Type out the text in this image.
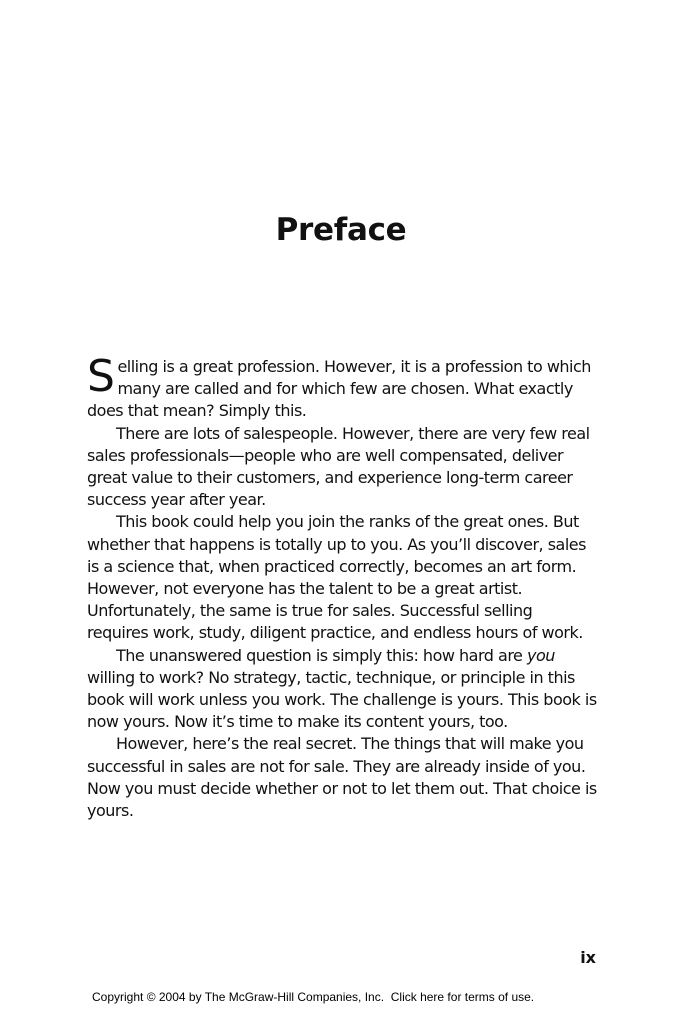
Preface

Selling is a great profession. However, it is a profession to which many are called and for which few are chosen. What exactly does that mean? Simply this.

There are lots of salespeople. However, there are very few real sales professionals—people who are well compensated, deliver great value to their customers, and experience long-term career success year after year.

This book could help you join the ranks of the great ones. But whether that happens is totally up to you. As you’ll discover, sales is a science that, when practiced correctly, becomes an art form. However, not everyone has the talent to be a great artist. Unfortunately, the same is true for sales. Successful selling requires work, study, diligent practice, and endless hours of work.

The unanswered question is simply this: how hard are you willing to work? No strategy, tactic, technique, or principle in this book will work unless you work. The challenge is yours. This book is now yours. Now it’s time to make its content yours, too.

However, here’s the real secret. The things that will make you successful in sales are not for sale. They are already inside of you. Now you must decide whether or not to let them out. That choice is yours.

ix
Copyright © 2004 by The McGraw-Hill Companies, Inc. Click here for terms of use.
